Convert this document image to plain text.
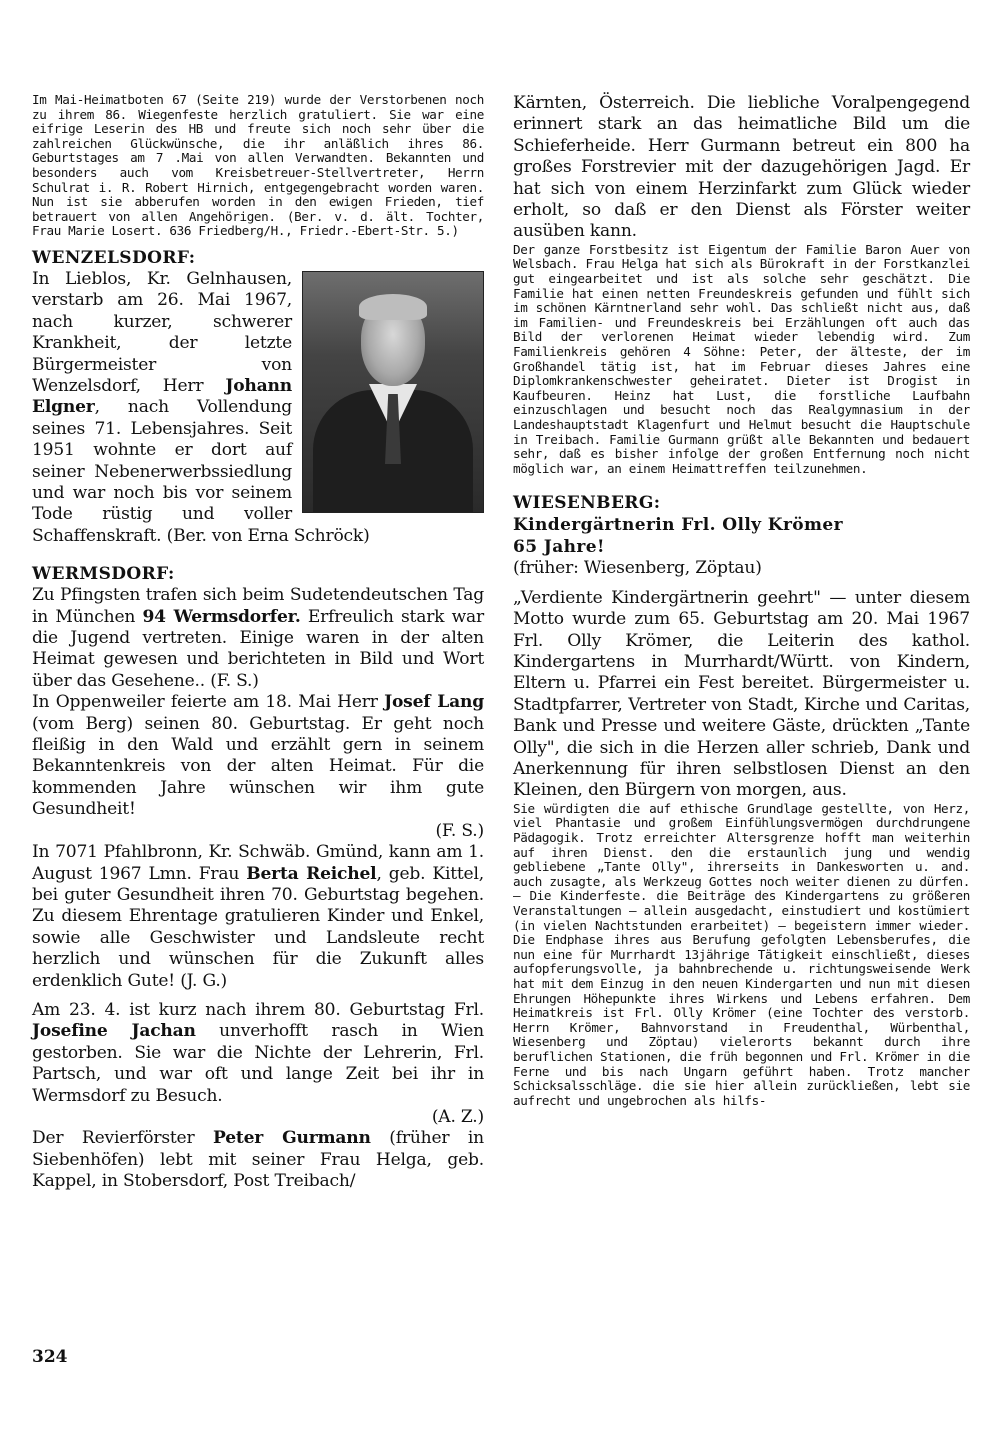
Im Mai-Heimatboten 67 (Seite 219) wurde der Verstorbenen noch zu ihrem 86. Wiegenfeste herzlich gratuliert. Sie war eine eifrige Leserin des HB und freute sich noch sehr über die zahlreichen Glückwünsche, die ihr anläßlich ihres 86. Geburtstages am 7 .Mai von allen Verwandten. Bekannten und besonders auch vom Kreisbetreuer-Stellvertreter, Herrn Schulrat i. R. Robert Hirnich, entgegengebracht worden waren. Nun ist sie abberufen worden in den ewigen Frieden, tief betrauert von allen Angehörigen. (Ber. v. d. ält. Tochter, Frau Marie Losert. 636 Friedberg/H., Friedr.-Ebert-Str. 5.)

WENZELSDORF:
In Lieblos, Kr. Gelnhausen, verstarb am 26. Mai 1967, nach kurzer, schwerer Krankheit, der letzte Bürgermeister von Wenzelsdorf, Herr Johann Elgner, nach Vollendung seines 71. Lebensjahres. Seit 1951 wohnte er dort auf seiner Nebenerwerbssiedlung und war noch bis vor seinem Tode rüstig und voller Schaffenskraft. (Ber. von Erna Schröck)
WERMSDORF:

Zu Pfingsten trafen sich beim Sudetendeutschen Tag in München 94 Wermsdorfer. Erfreulich stark war die Jugend vertreten. Einige waren in der alten Heimat gewesen und berichteten in Bild und Wort über das Gesehene.. (F. S.)

In Oppenweiler feierte am 18. Mai Herr Josef Lang (vom Berg) seinen 80. Geburtstag. Er geht noch fleißig in den Wald und erzählt gern in seinem Bekanntenkreis von der alten Heimat. Für die kommenden Jahre wünschen wir ihm gute Gesundheit!
(F. S.)

In 7071 Pfahlbronn, Kr. Schwäb. Gmünd, kann am 1. August 1967 Lmn. Frau Berta Reichel, geb. Kittel, bei guter Gesundheit ihren 70. Geburtstag begehen. Zu diesem Ehrentage gratulieren Kinder und Enkel, sowie alle Geschwister und Landsleute recht herzlich und wünschen für die Zukunft alles erdenklich Gute! (J. G.)

Am 23. 4. ist kurz nach ihrem 80. Geburtstag Frl. Josefine Jachan unverhofft rasch in Wien gestorben. Sie war die Nichte der Lehrerin, Frl. Partsch, und war oft und lange Zeit bei ihr in Wermsdorf zu Besuch.
(A. Z.)

Der Revierförster Peter Gurmann (früher in Siebenhöfen) lebt mit seiner Frau Helga, geb. Kappel, in Stobersdorf, Post Treibach/

Kärnten, Österreich. Die liebliche Voralpengegend erinnert stark an das heimatliche Bild um die Schieferheide. Herr Gurmann betreut ein 800 ha großes Forstrevier mit der dazugehörigen Jagd. Er hat sich von einem Herzinfarkt zum Glück wieder erholt, so daß er den Dienst als Förster weiter ausüben kann.

Der ganze Forstbesitz ist Eigentum der Familie Baron Auer von Welsbach. Frau Helga hat sich als Bürokraft in der Forstkanzlei gut eingearbeitet und ist als solche sehr geschätzt. Die Familie hat einen netten Freundeskreis gefunden und fühlt sich im schönen Kärntnerland sehr wohl. Das schließt nicht aus, daß im Familien- und Freundeskreis bei Erzählungen oft auch das Bild der verlorenen Heimat wieder lebendig wird. Zum Familienkreis gehören 4 Söhne: Peter, der älteste, der im Großhandel tätig ist, hat im Februar dieses Jahres eine Diplomkrankenschwester geheiratet. Dieter ist Drogist in Kaufbeuren. Heinz hat Lust, die forstliche Laufbahn einzuschlagen und besucht noch das Realgymnasium in der Landeshauptstadt Klagenfurt und Helmut besucht die Hauptschule in Treibach. Familie Gurmann grüßt alle Bekannten und bedauert sehr, daß es bisher infolge der großen Entfernung noch nicht möglich war, an einem Heimattreffen teilzunehmen.

WIESENBERG:
Kindergärtnerin Frl. Olly Krömer
65 Jahre!

(früher: Wiesenberg, Zöptau)

„Verdiente Kindergärtnerin geehrt" — unter diesem Motto wurde zum 65. Geburtstag am 20. Mai 1967 Frl. Olly Krömer, die Leiterin des kathol. Kindergartens in Murrhardt/Württ. von Kindern, Eltern u. Pfarrei ein Fest bereitet. Bürgermeister u. Stadtpfarrer, Vertreter von Stadt, Kirche und Caritas, Bank und Presse und weitere Gäste, drückten „Tante Olly", die sich in die Herzen aller schrieb, Dank und Anerkennung für ihren selbstlosen Dienst an den Kleinen, den Bürgern von morgen, aus.

Sie würdigten die auf ethische Grundlage gestellte, von Herz, viel Phantasie und großem Einfühlungsvermögen durchdrungene Pädagogik. Trotz erreichter Altersgrenze hofft man weiterhin auf ihren Dienst. den die erstaunlich jung und wendig gebliebene „Tante Olly", ihrerseits in Dankesworten u. and. auch zusagte, als Werkzeug Gottes noch weiter dienen zu dürfen. — Die Kinderfeste. die Beiträge des Kindergartens zu größeren Veranstaltungen — allein ausgedacht, einstudiert und kostümiert (in vielen Nachtstunden erarbeitet) — begeistern immer wieder. Die Endphase ihres aus Berufung gefolgten Lebensberufes, die nun eine für Murrhardt 13jährige Tätigkeit einschließt, dieses aufopferungsvolle, ja bahnbrechende u. richtungsweisende Werk hat mit dem Einzug in den neuen Kindergarten und nun mit diesen Ehrungen Höhepunkte ihres Wirkens und Lebens erfahren. Dem Heimatkreis ist Frl. Olly Krömer (eine Tochter des verstorb. Herrn Krömer, Bahnvorstand in Freudenthal, Würbenthal, Wiesenberg und Zöptau) vielerorts bekannt durch ihre beruflichen Stationen, die früh begonnen und Frl. Krömer in die Ferne und bis nach Ungarn geführt haben. Trotz mancher Schicksalsschläge. die sie hier allein zurückließen, lebt sie aufrecht und ungebrochen als hilfs-

324
